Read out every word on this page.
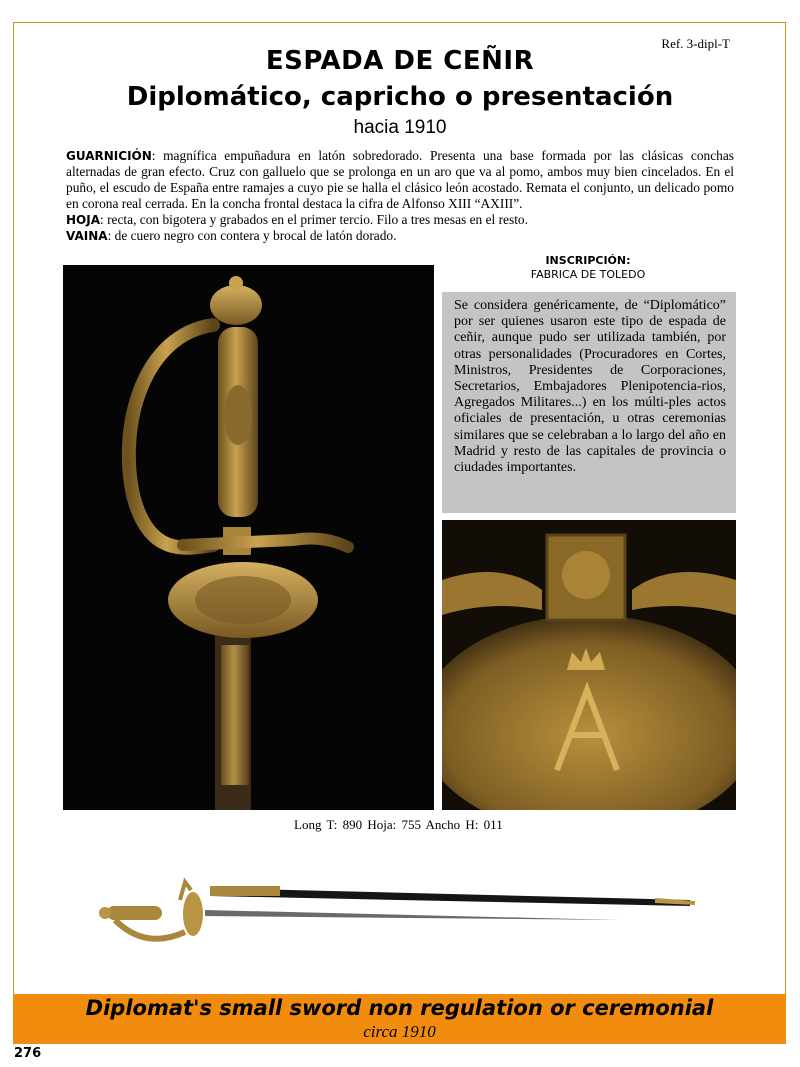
Ref. 3-dipl-T
ESPADA DE CEÑIR
Diplomático, capricho o presentación
hacia 1910

GUARNICIÓN: magnífica empuñadura en latón sobredorado. Presenta una base formada por las clásicas conchas alternadas de gran efecto. Cruz con galluelo que se prolonga en un aro que va al pomo, ambos muy bien cincelados. En el puño, el escudo de España entre ramajes a cuyo pie se halla el clásico león acostado. Remata el conjunto, un delicado pomo en corona real cerrada. En la concha frontal destaca la cifra de Alfonso XIII “AXIII”.

HOJA: recta, con bigotera y grabados en el primer tercio. Filo a tres mesas en el resto.

VAINA: de cuero negro con contera y brocal de latón dorado.

INSCRIPCIÓN:
FABRICA DE TOLEDO
Se considera genéricamente, de “Diplomático” por ser quienes usaron este tipo de espada de ceñir, aunque pudo ser utilizada también, por otras personalidades (Procuradores en Cortes, Ministros, Presidentes de Corporaciones, Secretarios, Embajadores Plenipotencia-rios, Agregados Militares...) en los múlti-ples actos oficiales de presentación, u otras ceremonias similares que se celebraban a lo largo del año en Madrid y resto de las capitales de provincia o ciudades importantes.
Long T: 890 Hoja: 755 Ancho H: 011
Diplomat's small sword non regulation or ceremonial
circa 1910
276
